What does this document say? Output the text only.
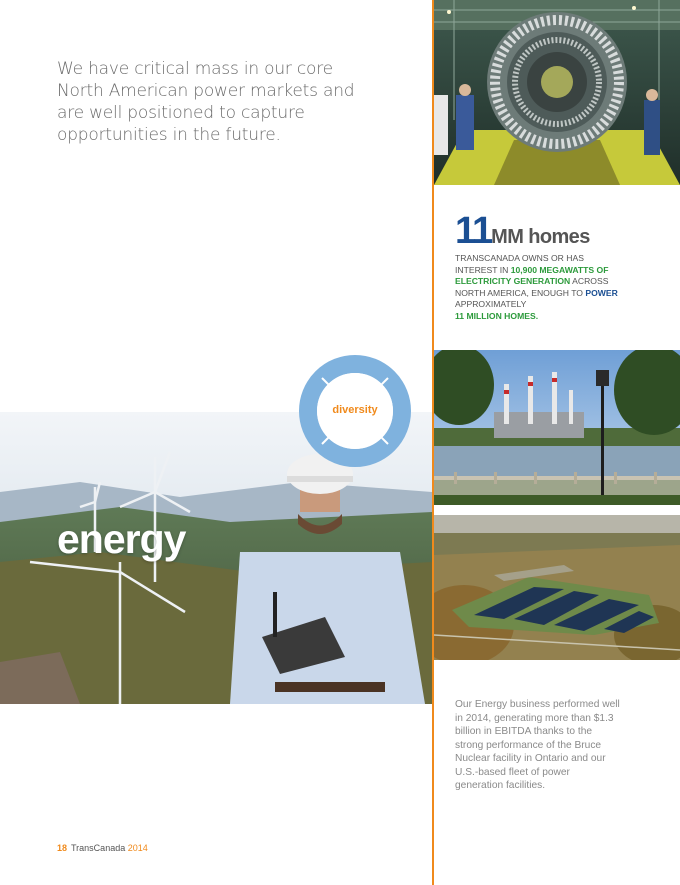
We have critical mass in our core North American power markets and are well positioned to capture opportunities in the future.
11MM homes
TRANSCANADA OWNS OR HAS INTEREST IN 10,900 MEGAWATTS OF ELECTRICITY GENERATION ACROSS NORTH AMERICA, ENOUGH TO POWER APPROXIMATELY
11 MILLION HOMES.
diversity
energy
Our Energy business performed well in 2014, generating more than $1.3 billion in EBITDA thanks to the strong performance of the Bruce Nuclear facility in Ontario and our U.S.-based fleet of power generation facilities.
18 TransCanada 2014
